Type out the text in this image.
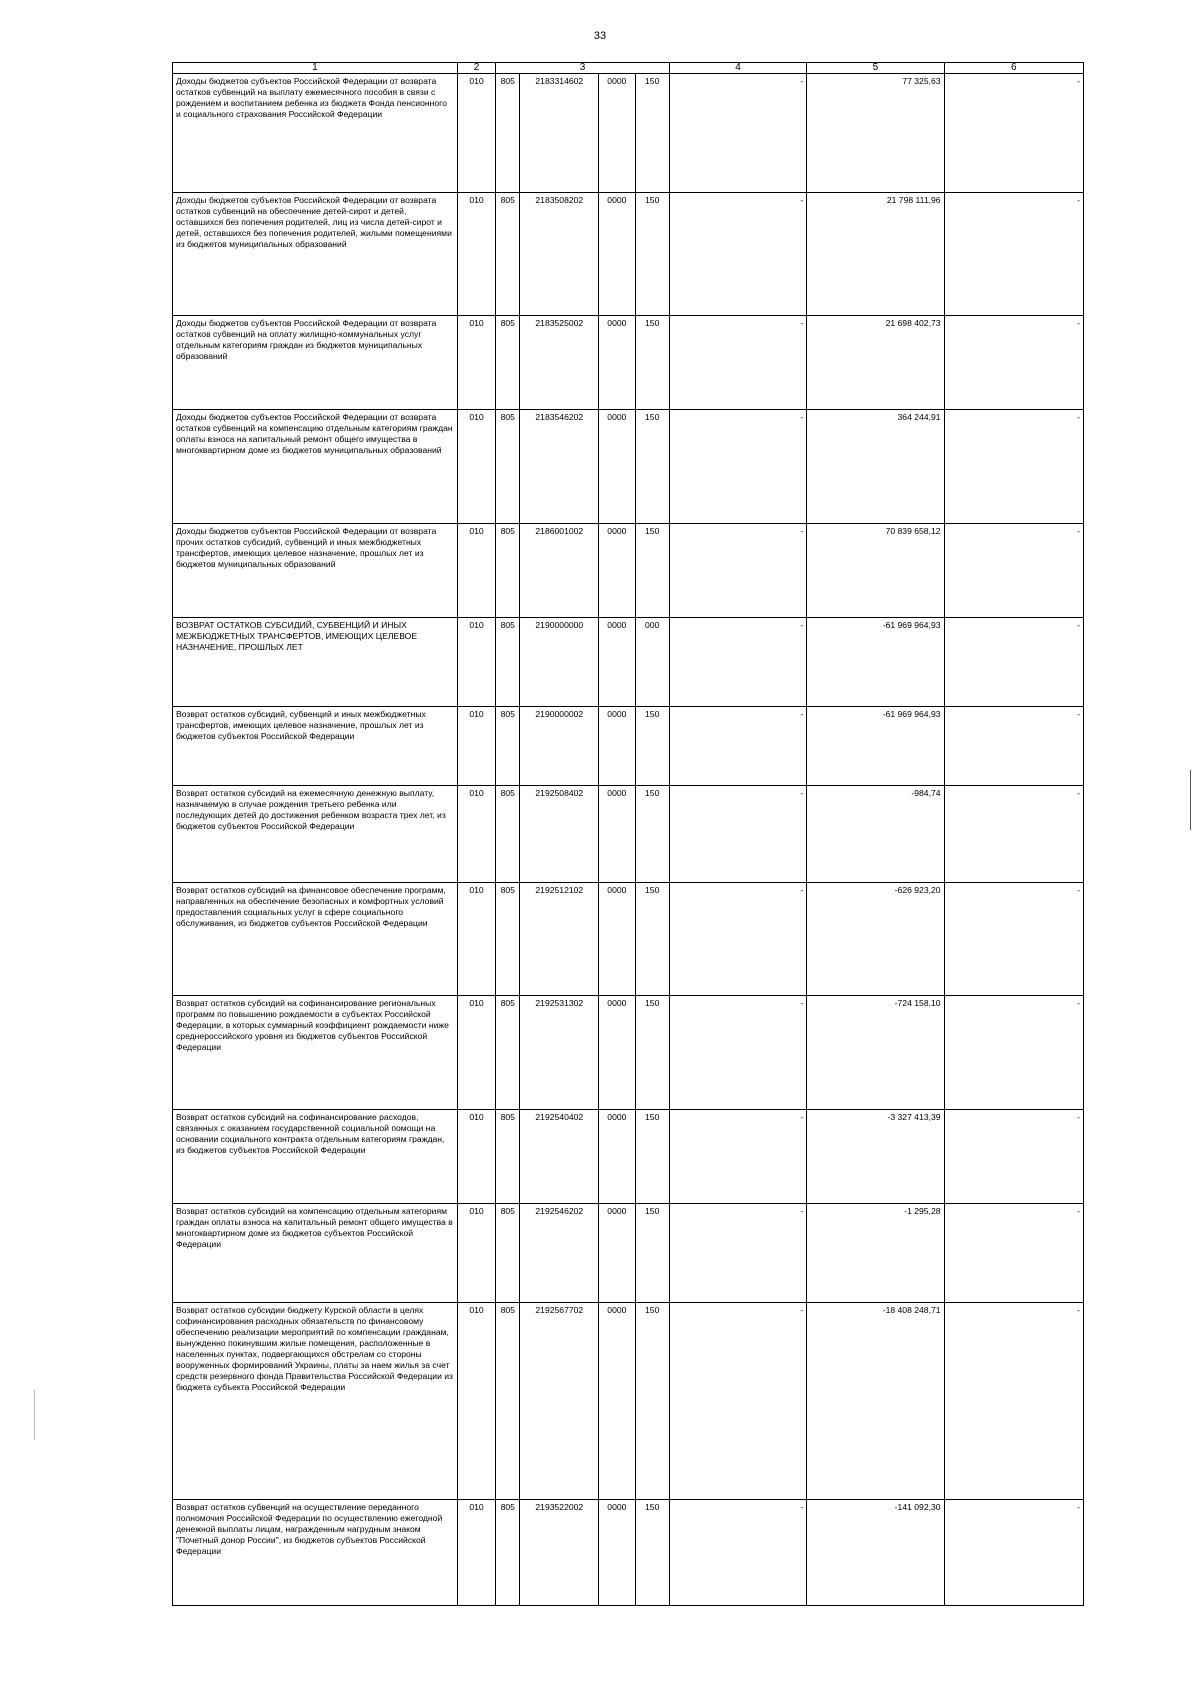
33
1	2	3				4	5	6
Доходы бюджетов субъектов Российской Федерации от возврата остатков субвенций на выплату ежемесячного пособия в связи с рождением и воспитанием ребенка из бюджета Фонда пенсионного и социального страхования Российской Федерации	010	805	2183314602	0000	150	-	77 325,63	-
Доходы бюджетов субъектов Российской Федерации от возврата остатков субвенций на обеспечение детей-сирот и детей, оставшихся без попечения родителей, лиц из числа детей-сирот и детей, оставшихся без попечения родителей, жилыми помещениями из бюджетов муниципальных образований	010	805	2183508202	0000	150	-	21 798 111,96	-
Доходы бюджетов субъектов Российской Федерации от возврата остатков субвенций на оплату жилищно-коммунальных услуг отдельным категориям граждан из бюджетов муниципальных образований	010	805	2183525002	0000	150	-	21 698 402,73	-
Доходы бюджетов субъектов Российской Федерации от возврата остатков субвенций на компенсацию отдельным категориям граждан оплаты взноса на капитальный ремонт общего имущества в многоквартирном доме из бюджетов муниципальных образований	010	805	2183546202	0000	150	-	364 244,91	-
Доходы бюджетов субъектов Российской Федерации от возврата прочих остатков субсидий, субвенций и иных межбюджетных трансфертов, имеющих целевое назначение, прошлых лет из бюджетов муниципальных образований	010	805	2186001002	0000	150	-	70 839 658,12	-
ВОЗВРАТ ОСТАТКОВ СУБСИДИЙ, СУБВЕНЦИЙ И ИНЫХ МЕЖБЮДЖЕТНЫХ ТРАНСФЕРТОВ, ИМЕЮЩИХ ЦЕЛЕВОЕ НАЗНАЧЕНИЕ, ПРОШЛЫХ ЛЕТ	010	805	2190000000	0000	000	-	-61 969 964,93	-
Возврат остатков субсидий, субвенций и иных межбюджетных трансфертов, имеющих целевое назначение, прошлых лет из бюджетов субъектов Российской Федерации	010	805	2190000002	0000	150	-	-61 969 964,93	-
Возврат остатков субсидий на ежемесячную денежную выплату, назначаемую в случае рождения третьего ребенка или последующих детей до достижения ребенком возраста трех лет, из бюджетов субъектов Российской Федерации	010	805	2192508402	0000	150	-	-984,74	-
Возврат остатков субсидий на финансовое обеспечение программ, направленных на обеспечение безопасных и комфортных условий предоставления социальных услуг в сфере социального обслуживания, из бюджетов субъектов Российской Федерации	010	805	2192512102	0000	150	-	-626 923,20	-
Возврат остатков субсидий на софинансирование региональных программ по повышению рождаемости в субъектах Российской Федерации, в которых суммарный коэффициент рождаемости ниже среднероссийского уровня из бюджетов субъектов Российской Федерации	010	805	2192531302	0000	150	-	-724 158,10	-
Возврат остатков субсидий на софинансирование расходов, связанных с оказанием государственной социальной помощи на основании социального контракта отдельным категориям граждан, из бюджетов субъектов Российской Федерации	010	805	2192540402	0000	150	-	-3 327 413,39	-
Возврат остатков субсидий на компенсацию отдельным категориям граждан оплаты взноса на капитальный ремонт общего имущества в многоквартирном доме из бюджетов субъектов Российской Федерации	010	805	2192546202	0000	150	-	-1 295,28	-
Возврат остатков субсидии бюджету Курской области в целях софинансирования расходных обязательств по финансовому обеспечению реализации мероприятий по компенсации гражданам, вынужденно покинувшим жилые помещения, расположенные в населенных пунктах, подвергающихся обстрелам со стороны вооруженных формирований Украины, платы за наем жилья за счет средств резервного фонда Правительства Российской Федерации из бюджета субъекта Российской Федерации	010	805	2192567702	0000	150	-	-18 408 248,71	-
Возврат остатков субвенций на осуществление переданного полномочия Российской Федерации по осуществлению ежегодной денежной выплаты лицам, награжденным нагрудным знаком "Почетный донор России", из бюджетов субъектов Российской Федерации	010	805	2193522002	0000	150	-	-141 092,30	-
